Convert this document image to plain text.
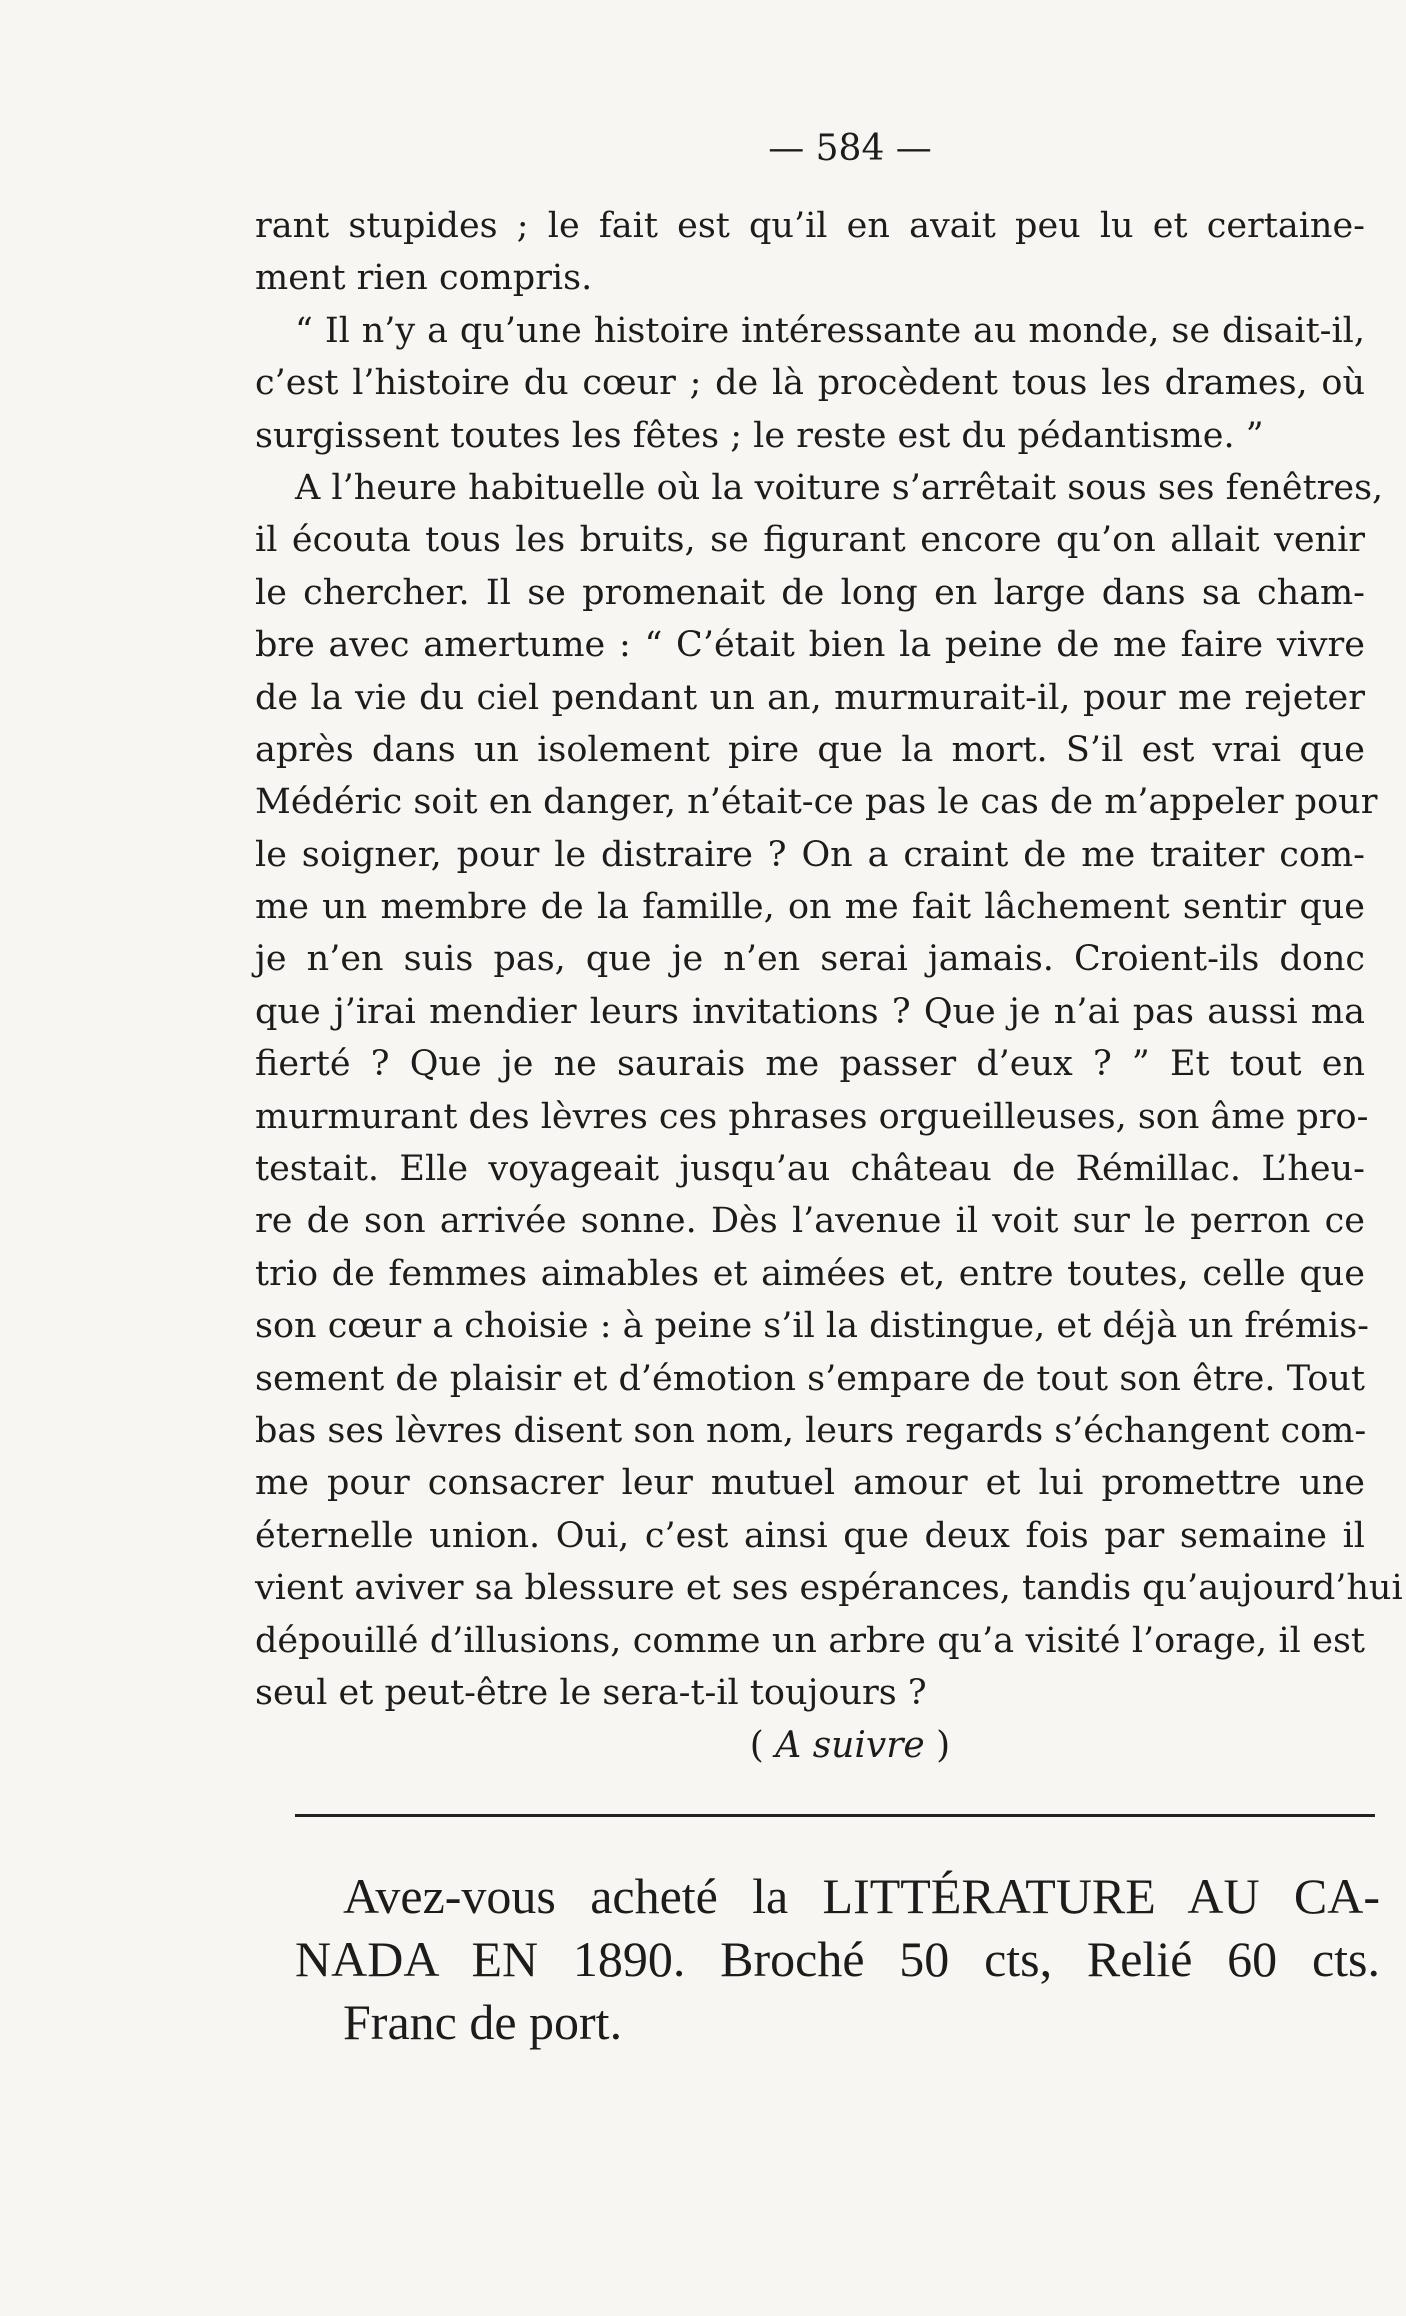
— 584 —
rant stupides ; le fait est qu’il en avait peu lu et certaine-
ment rien compris.
“ Il n’y a qu’une histoire intéressante au monde, se disait-il,
c’est l’histoire du cœur ; de là procèdent tous les drames, où
surgissent toutes les fêtes ; le reste est du pédantisme. ”
A l’heure habituelle où la voiture s’arrêtait sous ses fenêtres,
il écouta tous les bruits, se figurant encore qu’on allait venir
le chercher. Il se promenait de long en large dans sa cham-
bre avec amertume : “ C’était bien la peine de me faire vivre
de la vie du ciel pendant un an, murmurait-il, pour me rejeter
après dans un isolement pire que la mort. S’il est vrai que
Médéric soit en danger, n’était-ce pas le cas de m’appeler pour
le soigner, pour le distraire ? On a craint de me traiter com-
me un membre de la famille, on me fait lâchement sentir que
je n’en suis pas, que je n’en serai jamais. Croient-ils donc
que j’irai mendier leurs invitations ? Que je n’ai pas aussi ma
fierté ? Que je ne saurais me passer d’eux ? ” Et tout en
murmurant des lèvres ces phrases orgueilleuses, son âme pro-
testait. Elle voyageait jusqu’au château de Rémillac. L’heu-
re de son arrivée sonne. Dès l’avenue il voit sur le perron ce
trio de femmes aimables et aimées et, entre toutes, celle que
son cœur a choisie : à peine s’il la distingue, et déjà un frémis-
sement de plaisir et d’émotion s’empare de tout son être. Tout
bas ses lèvres disent son nom, leurs regards s’échangent com-
me pour consacrer leur mutuel amour et lui promettre une
éternelle union. Oui, c’est ainsi que deux fois par semaine il
vient aviver sa blessure et ses espérances, tandis qu’aujourd’hui
dépouillé d’illusions, comme un arbre qu’a visité l’orage, il est
seul et peut-être le sera-t-il toujours ?
( A suivre )
Avez-vous acheté la LITTÉRATURE AU CA-
NADA EN 1890. Broché 50 cts, Relié 60 cts.
Franc de port.
